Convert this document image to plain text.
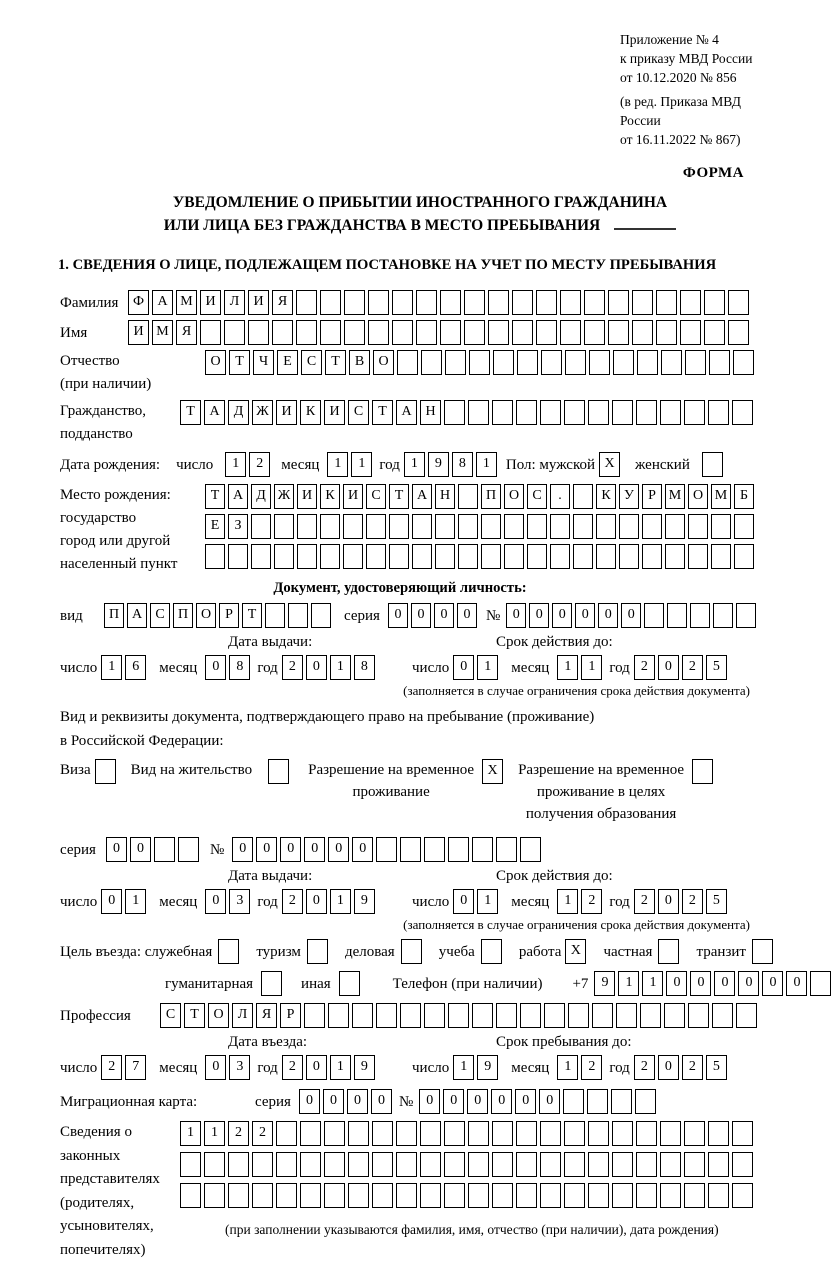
Приложение № 4
к приказу МВД России
от 10.12.2020 № 856
(в ред. Приказа МВД России
от 16.11.2022 № 867)
ФОРМА
УВЕДОМЛЕНИЕ О ПРИБЫТИИ ИНОСТРАННОГО ГРАЖДАНИНА
ИЛИ ЛИЦА БЕЗ ГРАЖДАНСТВА В МЕСТО ПРЕБЫВАНИЯ
1. СВЕДЕНИЯ О ЛИЦЕ, ПОДЛЕЖАЩЕМ ПОСТАНОВКЕ НА УЧЕТ ПО МЕСТУ ПРЕБЫВАНИЯ
Фамилия	Ф А М И	Л	И	Я
Имя	И М Я
Отчество
(при наличии)
О	Т	Ч	Е	С	Т	В	О
Гражданство,
подданство
Т	А	Д Ж И	К	И	С	Т	А Н
Дата рождения: число	1	2	месяц	1	1 год 1	9	8	1	Пол: мужской X	женский
Место рождения:
государство
город или другой
населенный пункт
Т А Д Ж И К И С	Т А Н	П О С	.	К У	Р М О М Б
Е	З
Документ, удостоверяющий личность:
вид	П А С П О	Р	Т	серия	0	0	0	0	№ 0	0	0	0	0	0
Дата выдачи:
число 1	6	месяц	0	8 год 2	0	1	8
Срок действия до:
число 0	1	месяц	1	1 год 2	0	2	5
(заполняется в случае ограничения срока действия документа)
Вид и реквизиты документа, подтверждающего право на пребывание (проживание)
в Российской Федерации:
Виза	Вид на жительство	Разрешение на временное
проживание
X	Разрешение на временное
проживание в целях
получения образования
серия	0	0	№	0	0	0	0	0	0
Дата выдачи:
число 0	1	месяц	0	3 год 2	0	1	9
Срок действия до:
число 0	1	месяц	1	2 год 2	0	2	5
(заполняется в случае ограничения срока действия документа)
Цель въезда: служебная	туризм	деловая	учеба	работа X	частная	транзит
гуманитарная	иная	Телефон (при наличии) +7 9	1	1	0	0	0	0	0	0
Профессия	С	Т	О	Л	Я	Р
Дата въезда:
число 2	7	месяц	0	3 год 2	0	1	9
Срок пребывания до:
число 1	9	месяц	1	2 год 2	0	2	5
Миграционная карта:	серия	0	0	0	0 № 0	0	0	0	0	0
Сведения о
законных
представителях
(родителях,
усыновителях,
попечителях)
1	1	2	2
(при заполнении указываются фамилия, имя, отчество (при наличии), дата рождения)
